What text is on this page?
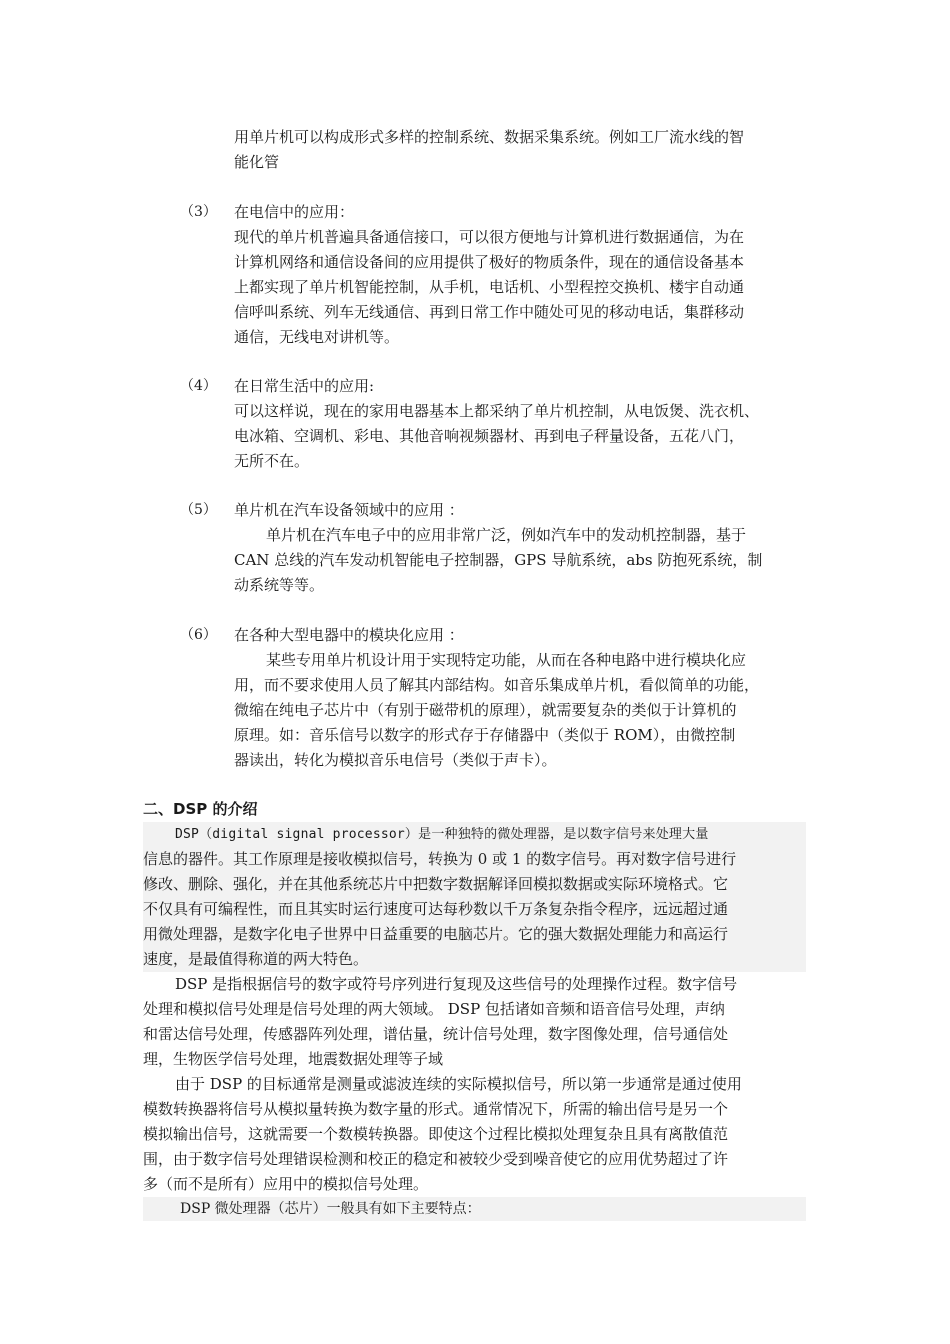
用单片机可以构成形式多样的控制系统、数据采集系统。例如工厂流水线的智
能化管
（3） 在电信中的应用：
现代的单片机普遍具备通信接口，可以很方便地与计算机进行数据通信，为在
计算机网络和通信设备间的应用提供了极好的物质条件，现在的通信设备基本
上都实现了单片机智能控制，从手机，电话机、小型程控交换机、楼宇自动通
信呼叫系统、列车无线通信、再到日常工作中随处可见的移动电话，集群移动
通信，无线电对讲机等。
（4） 在日常生活中的应用:
可以这样说，现在的家用电器基本上都采纳了单片机控制，从电饭煲、洗衣机、
电冰箱、空调机、彩电、其他音响视频器材、再到电子秤量设备，五花八门，
无所不在。
（5） 单片机在汽车设备领域中的应用 ：
单片机在汽车电子中的应用非常广泛，例如汽车中的发动机控制器，基于
CAN 总线的汽车发动机智能电子控制器，GPS 导航系统，abs 防抱死系统，制
动系统等等。
（6） 在各种大型电器中的模块化应用 ：
某些专用单片机设计用于实现特定功能，从而在各种电路中进行模块化应
用，而不要求使用人员了解其内部结构。如音乐集成单片机，看似简单的功能，
微缩在纯电子芯片中（有别于磁带机的原理），就需要复杂的类似于计算机的
原理。如：音乐信号以数字的形式存于存储器中（类似于 ROM），由微控制
器读出，转化为模拟音乐电信号（类似于声卡）。
二、DSP 的介绍
DSP（digital signal processor）是一种独特的微处理器，是以数字信号来处理大量
信息的器件。其工作原理是接收模拟信号，转换为 0 或 1 的数字信号。再对数字信号进行
修改、删除、强化，并在其他系统芯片中把数字数据解译回模拟数据或实际环境格式。它
不仅具有可编程性，而且其实时运行速度可达每秒数以千万条复杂指令程序，远远超过通
用微处理器，是数字化电子世界中日益重要的电脑芯片。它的强大数据处理能力和高运行
速度，是最值得称道的两大特色。
DSP 是指根据信号的数字或符号序列进行复现及这些信号的处理操作过程。数字信号
处理和模拟信号处理是信号处理的两大领域。 DSP 包括诸如音频和语音信号处理，声纳
和雷达信号处理，传感器阵列处理，谱估量，统计信号处理，数字图像处理，信号通信处
理，生物医学信号处理，地震数据处理等子域
由于 DSP 的目标通常是测量或滤波连续的实际模拟信号，所以第一步通常是通过使用
模数转换器将信号从模拟量转换为数字量的形式。通常情况下，所需的输出信号是另一个
模拟输出信号，这就需要一个数模转换器。即使这个过程比模拟处理复杂且具有离散值范
围，由于数字信号处理错误检测和校正的稳定和被较少受到噪音使它的应用优势超过了许
多（而不是所有）应用中的模拟信号处理。
DSP 微处理器（芯片）一般具有如下主要特点：
